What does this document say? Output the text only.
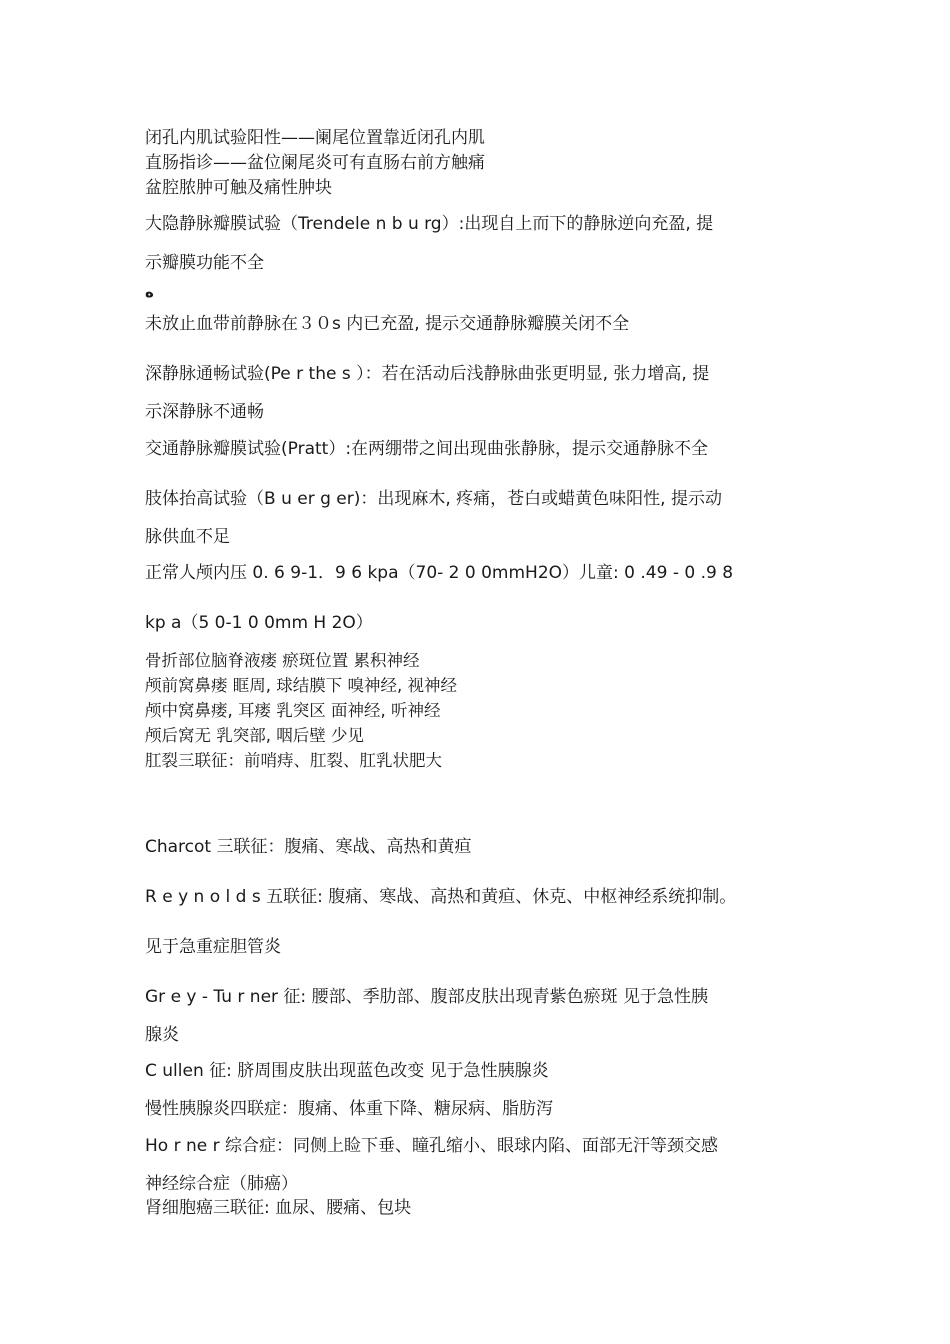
闭孔内肌试验阳性——阑尾位置靠近闭孔内肌
直肠指诊——盆位阑尾炎可有直肠右前方触痛
盆腔脓肿可触及痛性肿块
大隐静脉瓣膜试验（Trendele n b u rg）:出现自上而下的静脉逆向充盈, 提
示瓣膜功能不全
ه
未放止血带前静脉在３０s 内已充盈, 提示交通静脉瓣膜关闭不全
深静脉通畅试验(Pe r the s ）：若在活动后浅静脉曲张更明显, 张力增高, 提
示深静脉不通畅
交通静脉瓣膜试验(Pratt）:在两绷带之间出现曲张静脉，提示交通静脉不全
肢体抬高试验（B u er g er)：出现麻木, 疼痛，苍白或蜡黄色味阳性, 提示动
脉供血不足
正常人颅内压 0. 6 9-1．9 6 kpa（70- 2 0 0mmH2O）儿童: 0 .49 - 0 .9 8
kp a（5 0-1 0 0mm H 2O）
骨折部位脑脊液瘘 瘀斑位置 累积神经
颅前窝鼻瘘 眶周, 球结膜下 嗅神经, 视神经
颅中窝鼻瘘, 耳瘘 乳突区 面神经, 听神经
颅后窝无 乳突部, 咽后壁 少见
肛裂三联征：前哨痔、肛裂、肛乳状肥大
Charcot 三联征：腹痛、寒战、高热和黄疸
R e y n o l d s 五联征: 腹痛、寒战、高热和黄疸、休克、中枢神经系统抑制。
见于急重症胆管炎
Gr e y - Tu r ner 征: 腰部、季肋部、腹部皮肤出现青紫色瘀斑 见于急性胰
腺炎
C ullen 征: 脐周围皮肤出现蓝色改变 见于急性胰腺炎
慢性胰腺炎四联症：腹痛、体重下降、糖尿病、脂肪泻
Ho r ne r 综合症：同侧上睑下垂、瞳孔缩小、眼球内陷、面部无汗等颈交感
神经综合症（肺癌）
肾细胞癌三联征: 血尿、腰痛、包块
